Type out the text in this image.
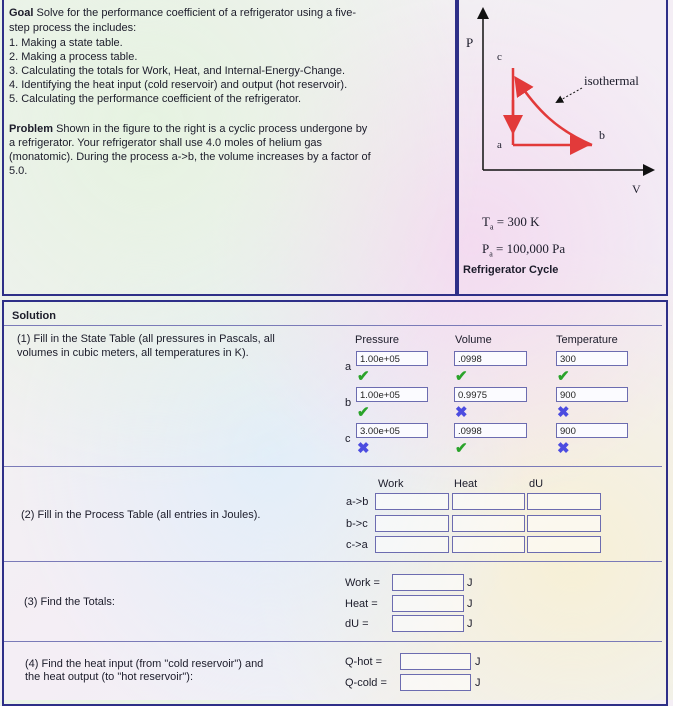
Goal Solve for the performance coefficient of a refrigerator using a five-
step process the includes:
1. Making a state table.
2. Making a process table.
3. Calculating the totals for Work, Heat, and Internal-Energy-Change.
4. Identifying the heat input (cold reservoir) and output (hot reservoir).
5. Calculating the performance coefficient of the refrigerator.
Problem Shown in the figure to the right is a cyclic process undergone by
a refrigerator. Your refrigerator shall use 4.0 moles of helium gas
(monatomic). During the process a->b, the volume increases by a factor of
5.0.
P
V
a
b
c
isothermal
$T_a = 300$ K
$P_a = 100,000$ Pa
Refrigerator Cycle
Solution
(1) Fill in the State Table (all pressures in Pascals, all
volumes in cubic meters, all temperatures in K).
Pressure	Volume	Temperature
a
1.00e+05	.0998	300
✔	✔	✔
b
1.00e+05	0.9975	900
✔	✖	✖
c
3.00e+05	.0998	900
✖	✔	✖
Work	Heat	dU
(2) Fill in the Process Table (all entries in Joules).
a->b
b->c
c->a
(3) Find the Totals:
Work =	J
Heat =	J
dU =	J
(4) Find the heat input (from "cold reservoir") and
the heat output (to "hot reservoir"):
Q-hot =	J
Q-cold =	J
